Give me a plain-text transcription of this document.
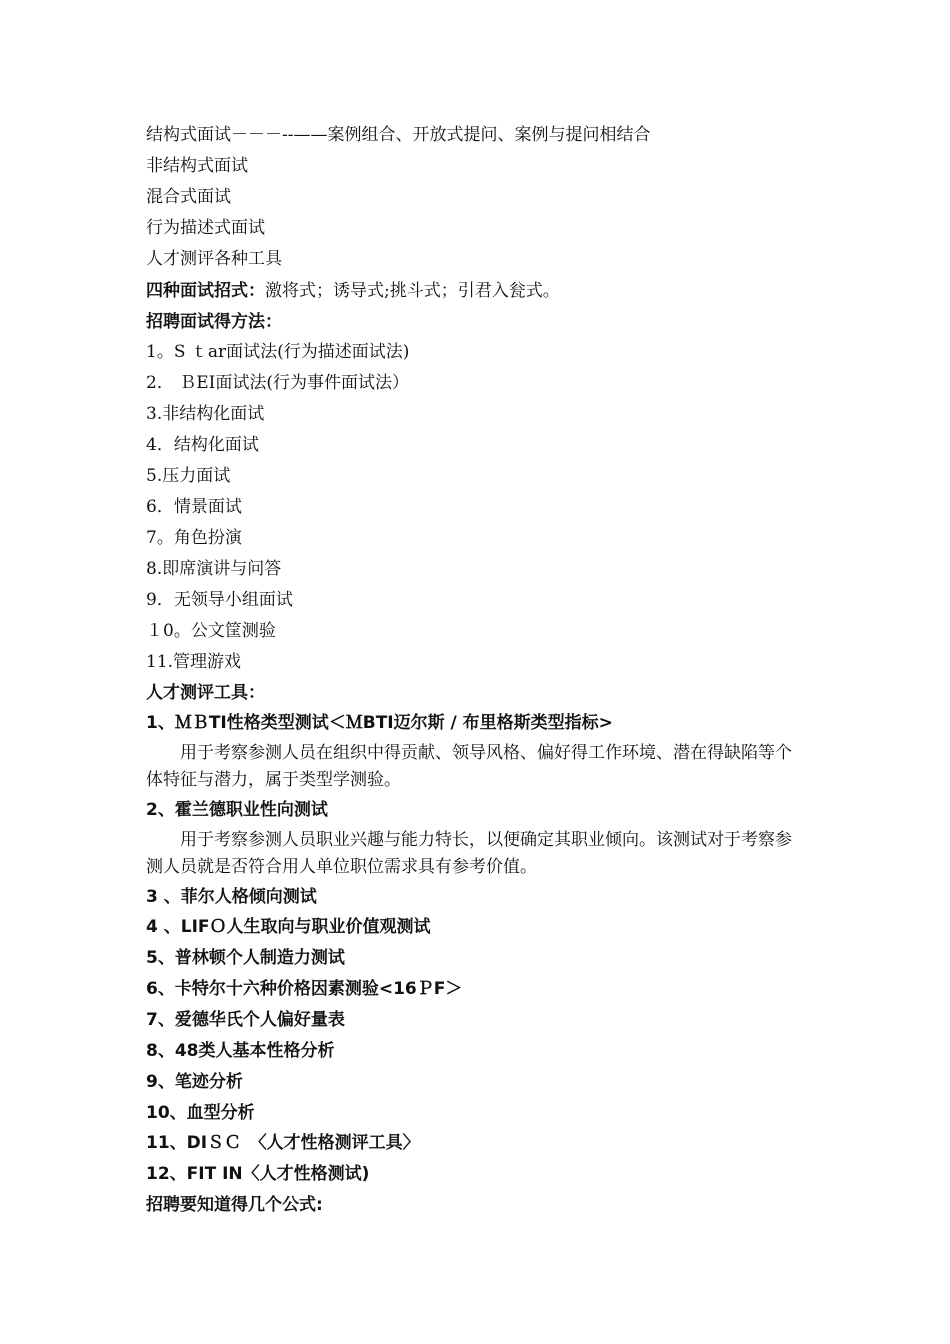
结构式面试－－－--——案例组合、开放式提问、案例与提问相结合
非结构式面试
混合式面试
行为描述式面试
人才测评各种工具
四种面试招式：激将式；诱导式;挑斗式；引君入瓮式。
招聘面试得方法：
1。S ｔar面试法(行为描述面试法)
2． ＢEI面试法(行为事件面试法）
3.非结构化面试
4．结构化面试
5.压力面试
6．情景面试
7。角色扮演
8.即席演讲与问答
9．无领导小组面试
１0。公文筐测验
11.管理游戏
人才测评工具：
1、ＭＢTI性格类型测试＜ＭBTI迈尔斯 / 布里格斯类型指标>
用于考察参测人员在组织中得贡献、领导风格、偏好得工作环境、潜在得缺陷等个体特征与潜力，属于类型学测验。
2、霍兰德职业性向测试
用于考察参测人员职业兴趣与能力特长，以便确定其职业倾向。该测试对于考察参测人员就是否符合用人单位职位需求具有参考价值。
3 、菲尔人格倾向测试
4 、LIFＯ人生取向与职业价值观测试
5、普林顿个人制造力测试
6、卡特尔十六种价格因素测验<16ＰF＞
7、爱德华氏个人偏好量表
8、48类人基本性格分析
9、笔迹分析
10、血型分析
11、DIＳＣ　〈人才性格测评工具〉
12、FIT IN〈人才性格测试)
招聘要知道得几个公式:
